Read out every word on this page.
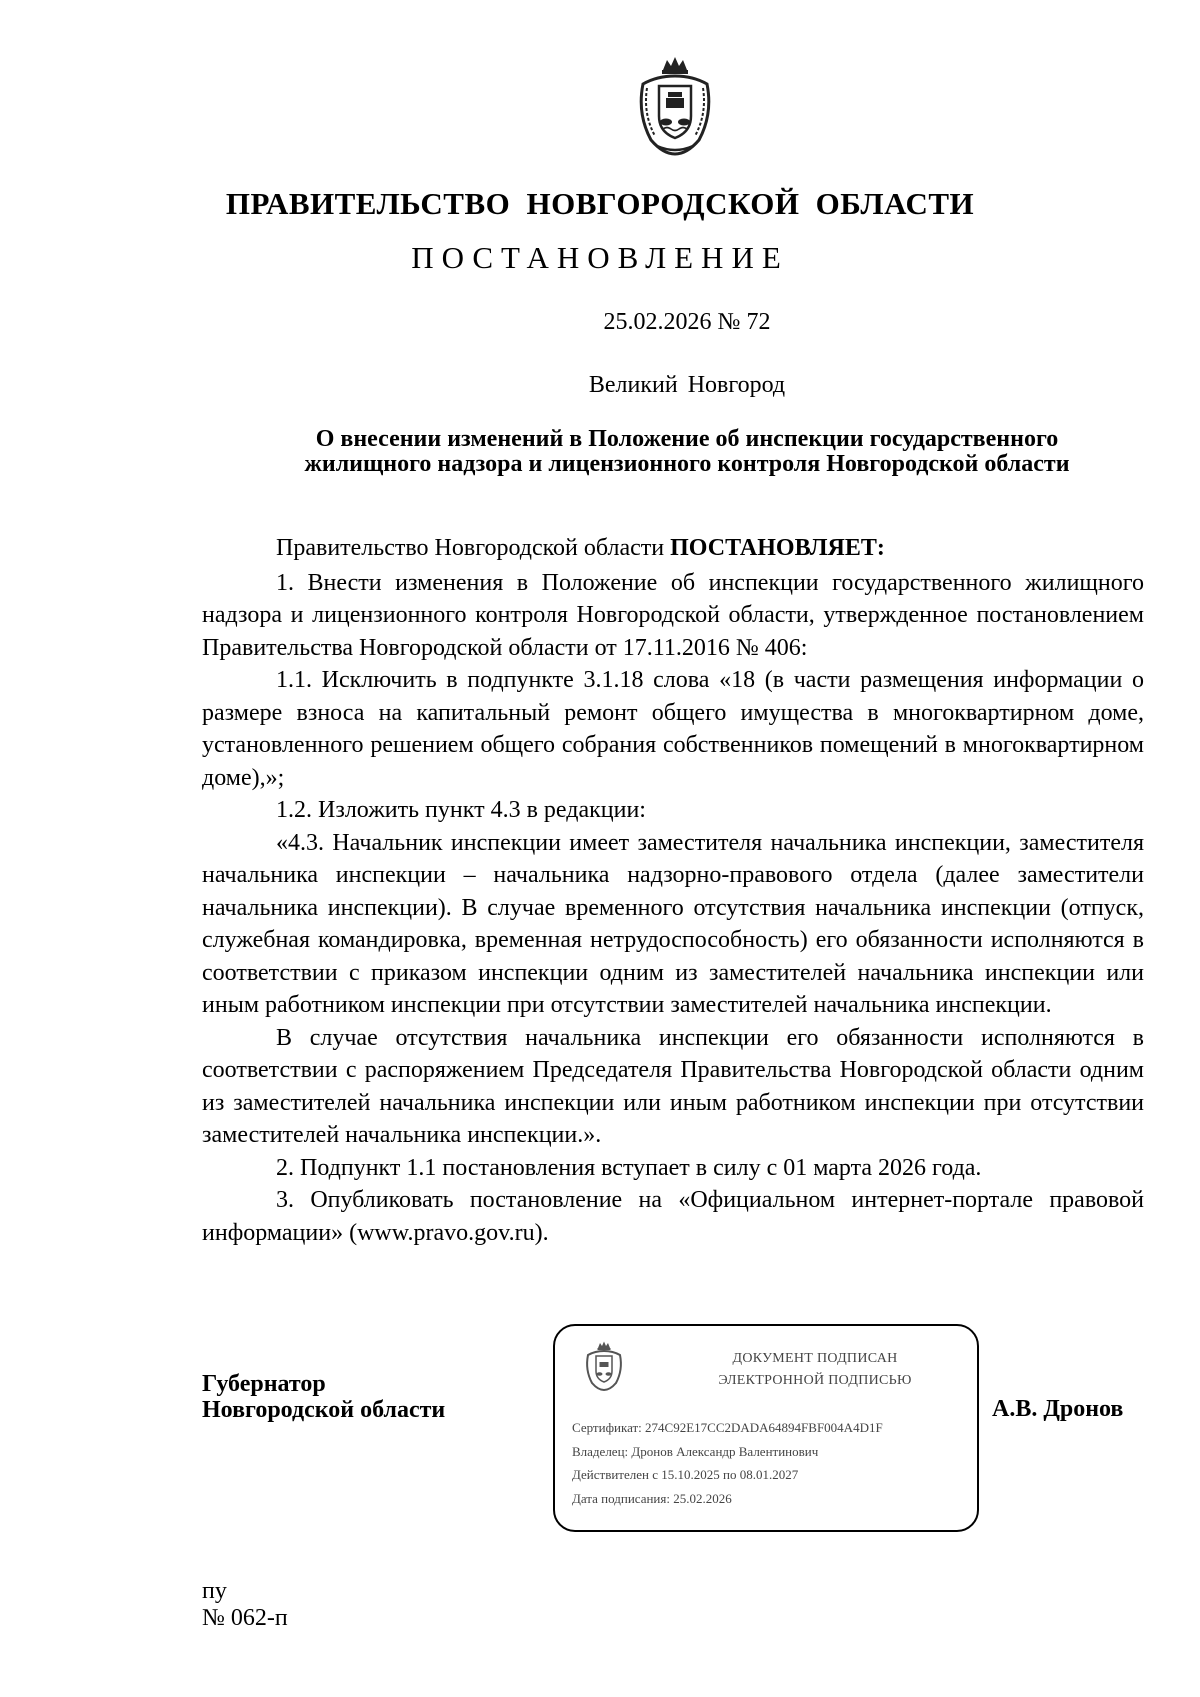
ПРАВИТЕЛЬСТВО НОВГОРОДСКОЙ ОБЛАСТИ
ПОСТАНОВЛЕНИЕ
25.02.2026 № 72
Великий Новгород
О внесении изменений в Положение об инспекции государственного
жилищного надзора и лицензионного контроля Новгородской области

Правительство Новгородской области ПОСТАНОВЛЯЕТ:

1. Внести изменения в Положение об инспекции государственного жилищного надзора и лицензионного контроля Новгородской области, утвержденное постановлением Правительства Новгородской области от 17.11.2016 № 406:

1.1. Исключить в подпункте 3.1.18 слова «18 (в части размещения информации о размере взноса на капитальный ремонт общего имущества в многоквартирном доме, установленного решением общего собрания собственников помещений в многоквартирном доме),»;

1.2. Изложить пункт 4.3 в редакции:

«4.3. Начальник инспекции имеет заместителя начальника инспекции, заместителя начальника инспекции – начальника надзорно-правового отдела (далее заместители начальника инспекции). В случае временного отсутствия начальника инспекции (отпуск, служебная командировка, временная нетрудоспособность) его обязанности исполняются в соответствии с приказом инспекции одним из заместителей начальника инспекции или иным работником инспекции при отсутствии заместителей начальника инспекции.

В случае отсутствия начальника инспекции его обязанности исполняются в соответствии с распоряжением Председателя Правительства Новгородской области одним из заместителей начальника инспекции или иным работником инспекции при отсутствии заместителей начальника инспекции.».

2. Подпункт 1.1 постановления вступает в силу с 01 марта 2026 года.

3. Опубликовать постановление на «Официальном интернет-портале правовой информации» (www.pravo.gov.ru).

Губернатор
Новгородской области
ДОКУМЕНТ ПОДПИСАН
ЭЛЕКТРОННОЙ ПОДПИСЬЮ
Сертификат: 274C92E17CC2DADA64894FBF004A4D1F
Владелец: Дронов Александр Валентинович
Действителен с 15.10.2025 по 08.01.2027
Дата подписания: 25.02.2026
А.В. Дронов
пу
№ 062-п
